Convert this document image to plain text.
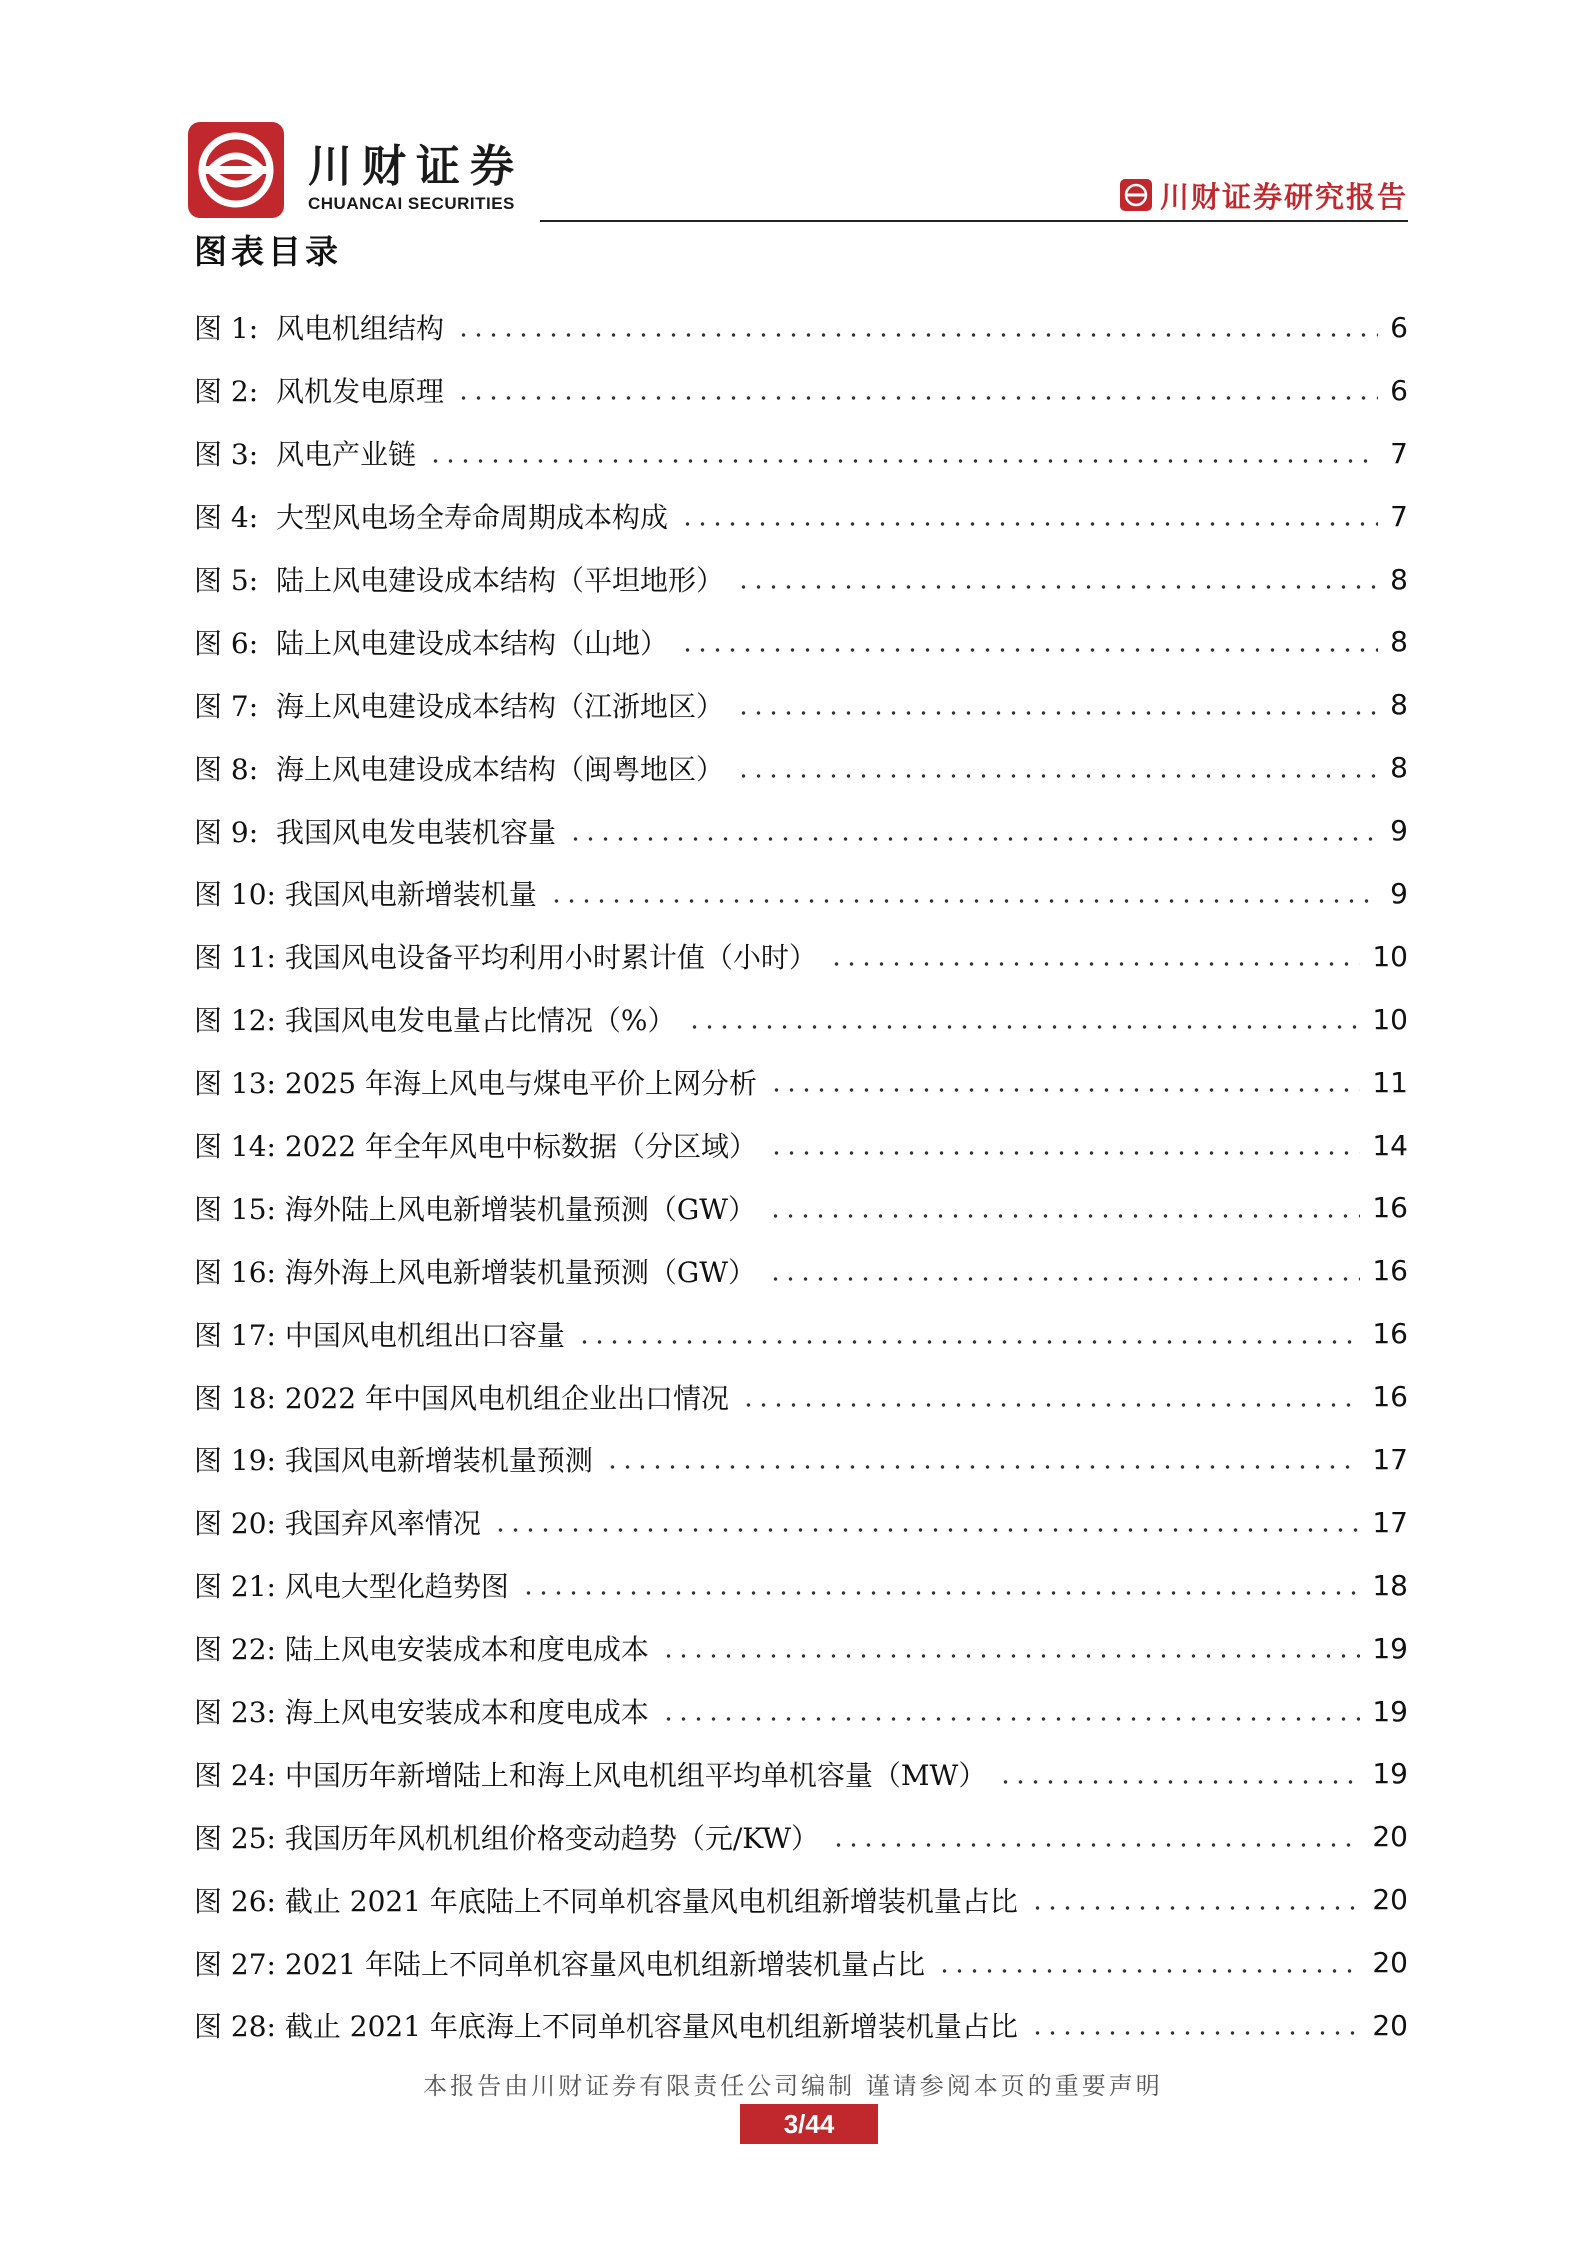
川财证券
CHUANCAI SECURITIES	川财证券研究报告
图表目录
图 1:  风电机组结构	6
图 2:  风机发电原理	6
图 3:  风电产业链	7
图 4:  大型风电场全寿命周期成本构成	7
图 5:  陆上风电建设成本结构（平坦地形）	8
图 6:  陆上风电建设成本结构（山地）	8
图 7:  海上风电建设成本结构（江浙地区）	8
图 8:  海上风电建设成本结构（闽粤地区）	8
图 9:  我国风电发电装机容量	9
图 10: 我国风电新增装机量	9
图 11: 我国风电设备平均利用小时累计值（小时）	10
图 12: 我国风电发电量占比情况（%）	10
图 13: 2025 年海上风电与煤电平价上网分析	11
图 14: 2022 年全年风电中标数据（分区域）	14
图 15: 海外陆上风电新增装机量预测（GW）	16
图 16: 海外海上风电新增装机量预测（GW）	16
图 17: 中国风电机组出口容量	16
图 18: 2022 年中国风电机组企业出口情况	16
图 19: 我国风电新增装机量预测	17
图 20: 我国弃风率情况	17
图 21: 风电大型化趋势图	18
图 22: 陆上风电安装成本和度电成本	19
图 23: 海上风电安装成本和度电成本	19
图 24: 中国历年新增陆上和海上风电机组平均单机容量（MW）	19
图 25: 我国历年风机机组价格变动趋势（元/KW）	20
图 26: 截止 2021 年底陆上不同单机容量风电机组新增装机量占比	20
图 27: 2021 年陆上不同单机容量风电机组新增装机量占比	20
图 28: 截止 2021 年底海上不同单机容量风电机组新增装机量占比	20
本报告由川财证券有限责任公司编制 谨请参阅本页的重要声明
3/44
